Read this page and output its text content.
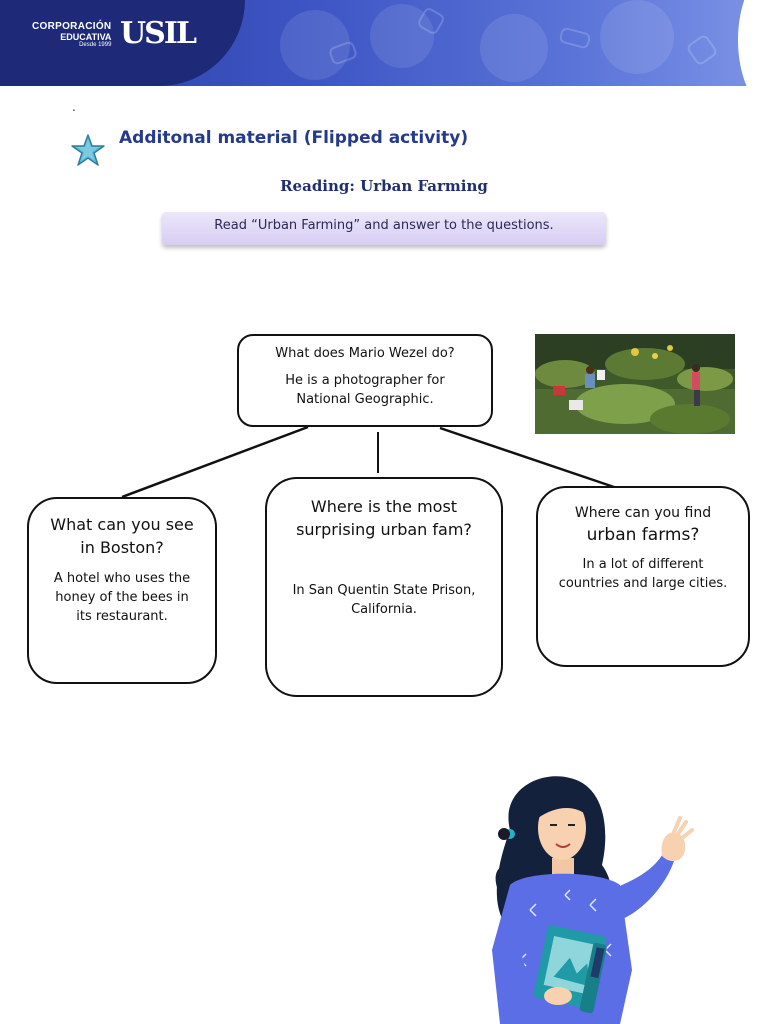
CORPORACIÓN
EDUCATIVA
Desde 1999 USIL
.
Additonal material (Flipped activity)
Reading: Urban Farming
Read “Urban Farming” and answer to the questions.
What does Mario Wezel do?
He is a photographer for National Geographic.
What can you see in Boston?
A hotel who uses the honey of the bees in its restaurant.
Where is the most surprising urban fam?
In San Quentin State Prison, California.
Where can you find
urban farms?
In a lot of different countries and large cities.
